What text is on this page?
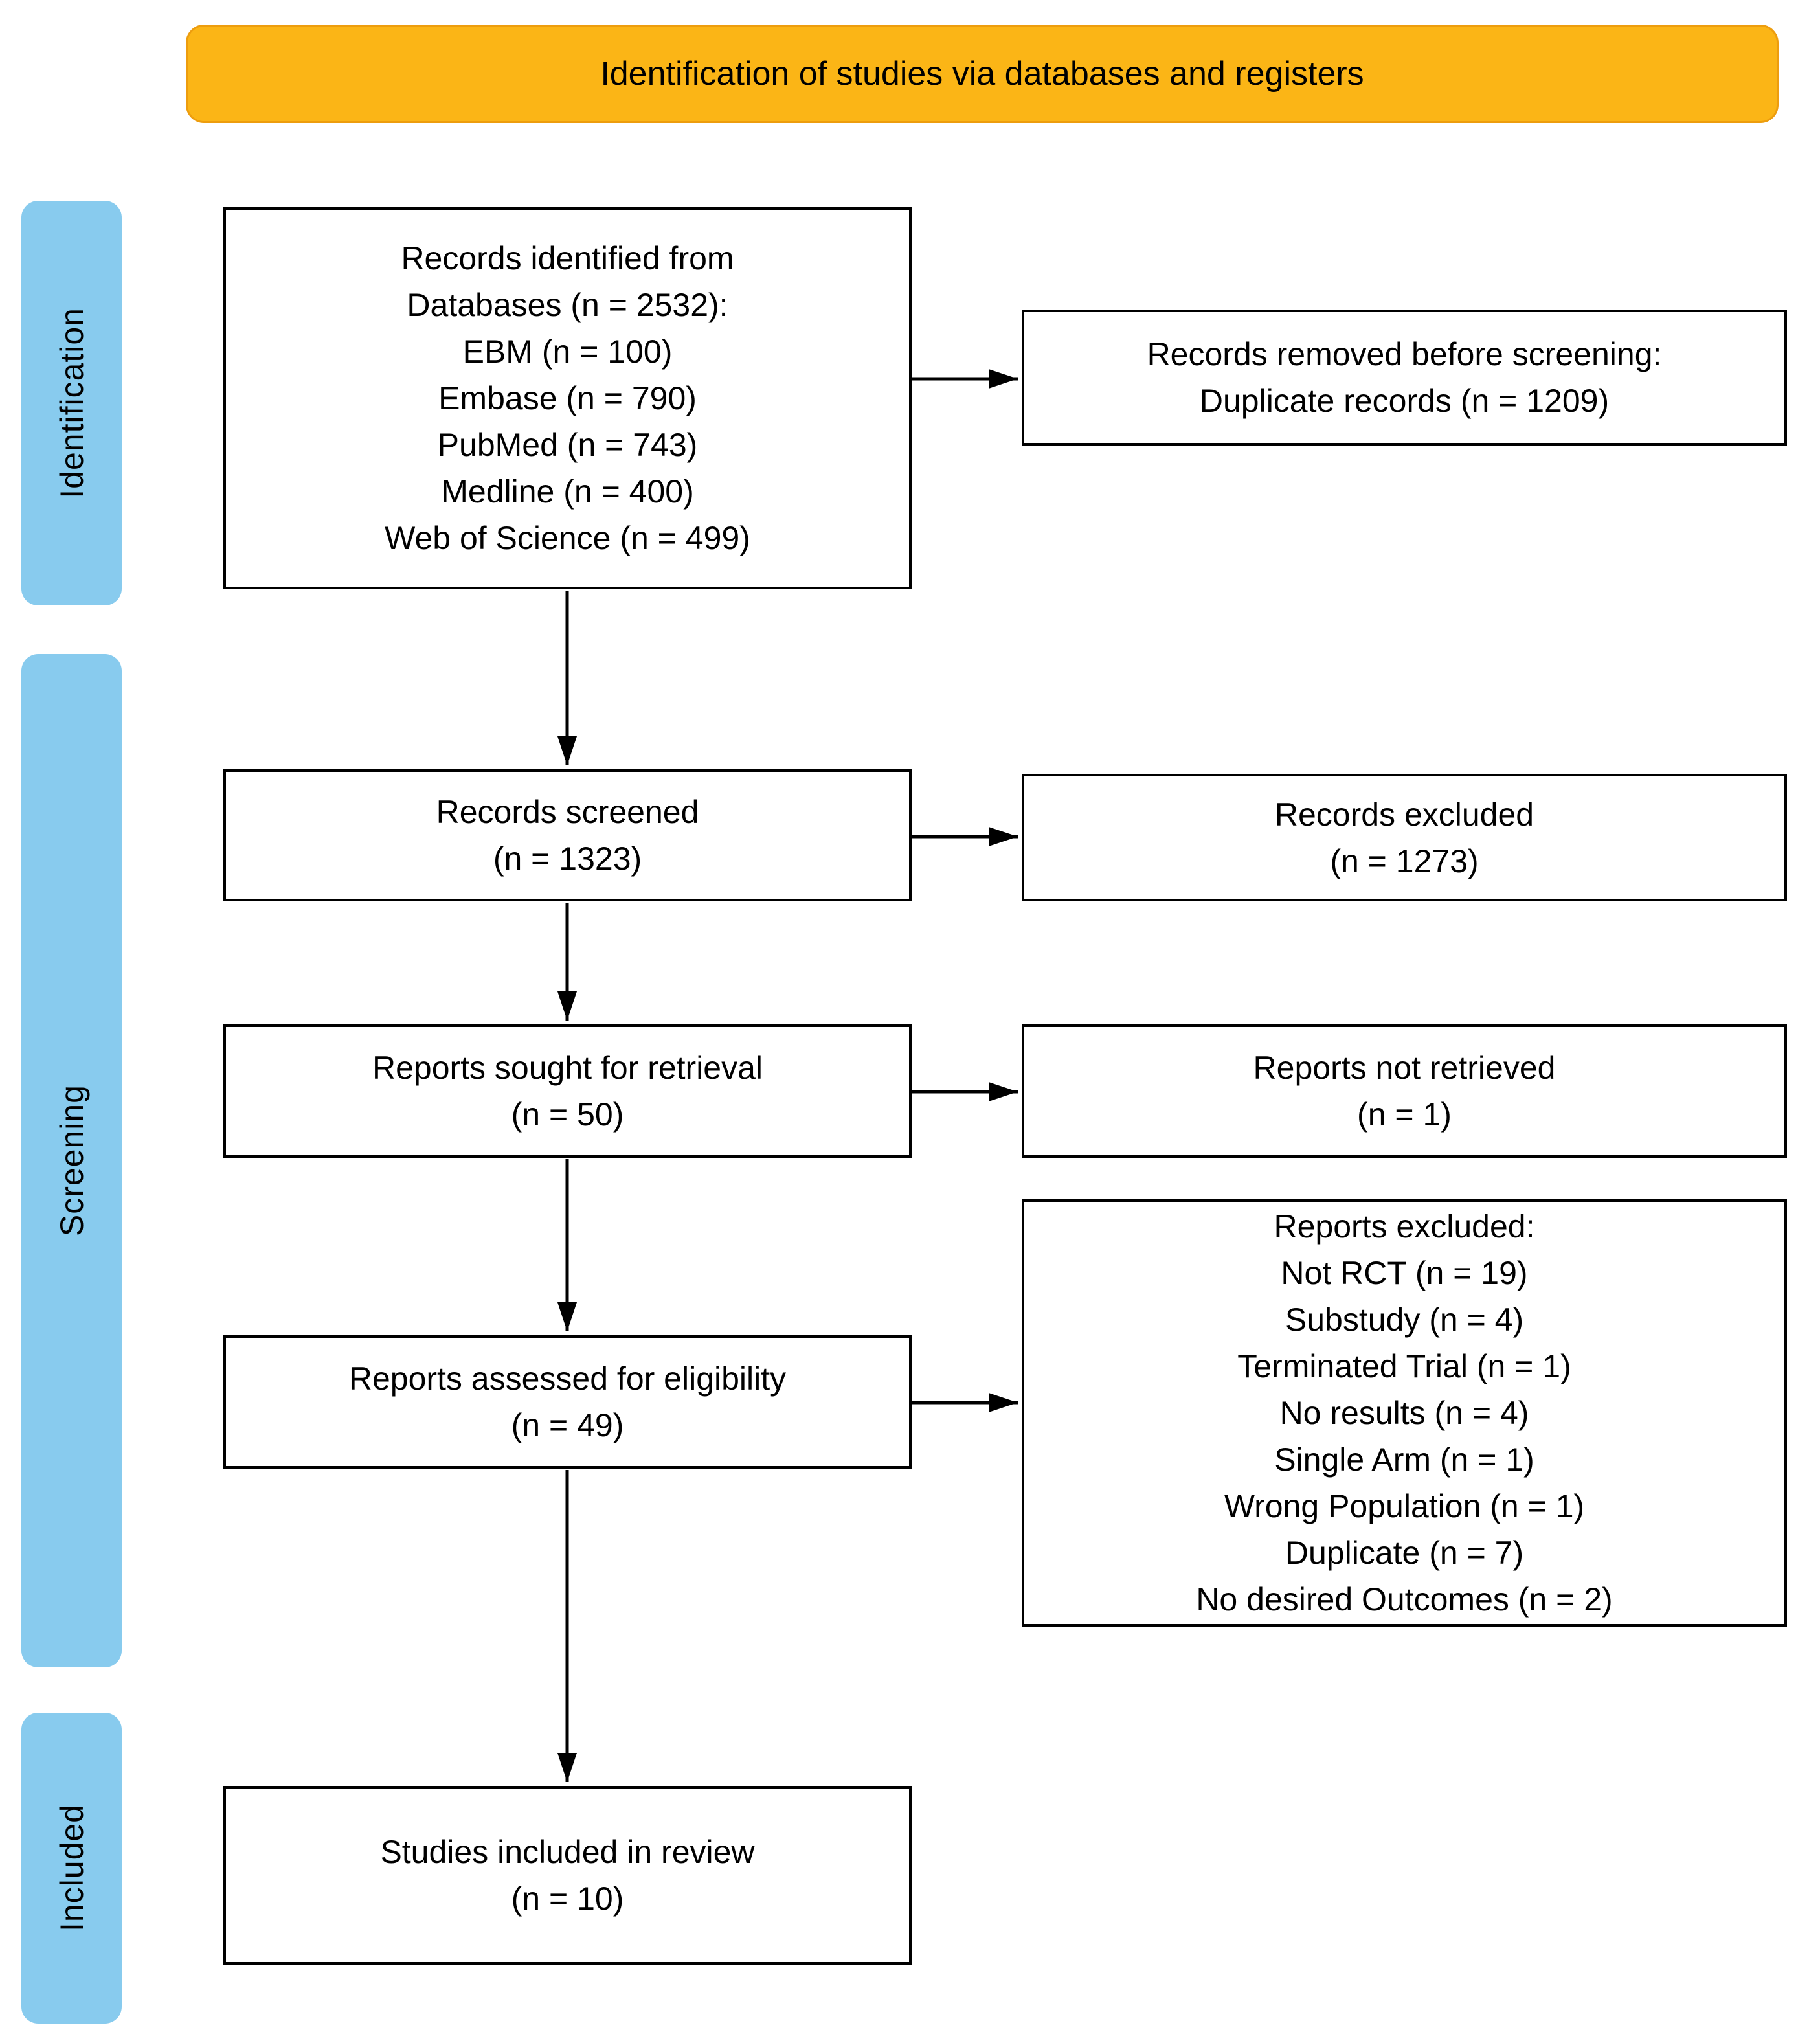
Identification of studies via databases and registers
Identification
Screening
Included
Records identified from
Databases (n = 2532):
EBM (n = 100)
Embase (n = 790)
PubMed (n = 743)
Medline (n = 400)
Web of Science (n = 499)
Records removed before screening:
Duplicate records (n = 1209)
Records screened
(n = 1323)
Records excluded
(n = 1273)
Reports sought for retrieval
(n = 50)
Reports not retrieved
(n = 1)
Reports assessed for eligibility
(n = 49)
Reports excluded:
Not RCT (n = 19)
Substudy (n = 4)
Terminated Trial (n = 1)
No results (n = 4)
Single Arm (n = 1)
Wrong Population (n = 1)
Duplicate (n = 7)
No desired Outcomes (n = 2)
Studies included in review
(n = 10)
